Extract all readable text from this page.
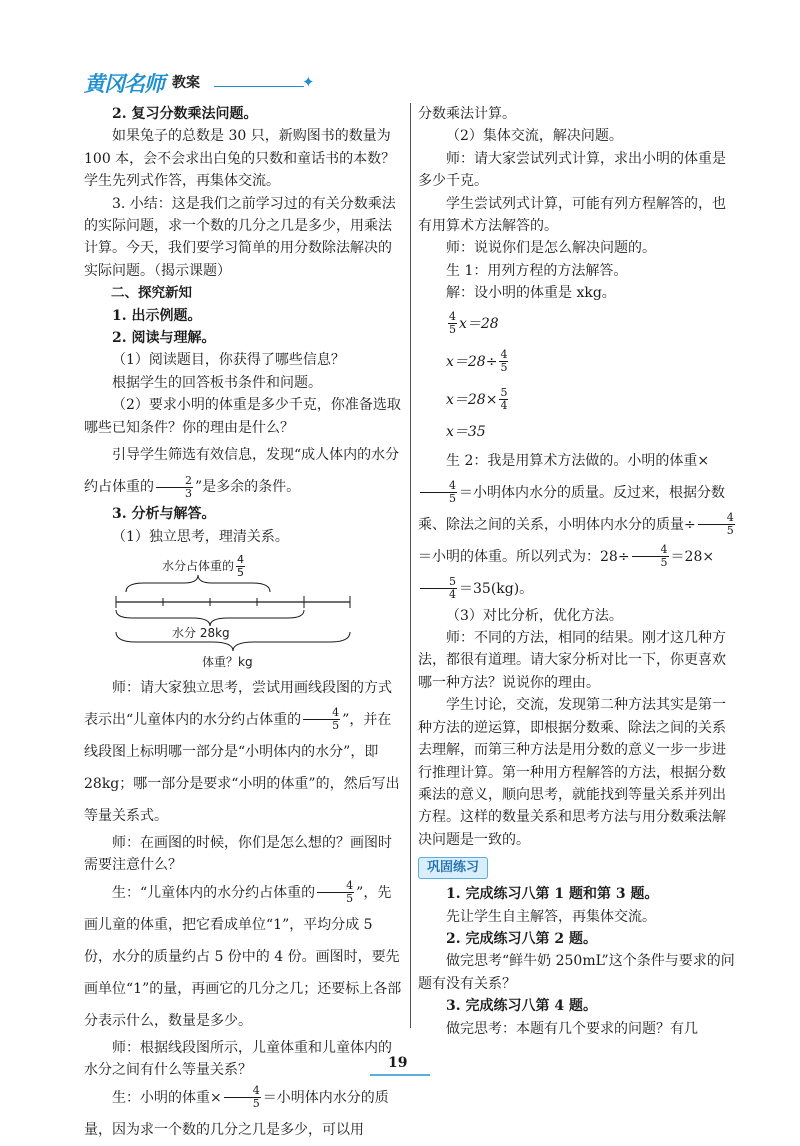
黄冈名师 教案	✦

2. 复习分数乘法问题。

如果兔子的总数是 30 只，新购图书的数量为 100 本，会不会求出白兔的只数和童话书的本数？学生先列式作答，再集体交流。

3. 小结：这是我们之前学习过的有关分数乘法的实际问题，求一个数的几分之几是多少，用乘法计算。今天，我们要学习简单的用分数除法解决的实际问题。（揭示课题）

二、探究新知

1. 出示例题。

2. 阅读与理解。

（1）阅读题目，你获得了哪些信息？

根据学生的回答板书条件和问题。

（2）要求小明的体重是多少千克，你准备选取哪些已知条件？你的理由是什么？

引导学生筛选有效信息，发现“成人体内的水分约占体重的 $\frac{2}{3}$ ”是多余的条件。

3. 分析与解答。

（1）独立思考，理清关系。

水分占体重的 $\frac{4}{5}$
水分 28kg
体重？kg

师：请大家独立思考，尝试用画线段图的方式表示出“儿童体内的水分约占体重的 $\frac{4}{5}$ ”，并在线段图上标明哪一部分是“小明体内的水分”，即 28kg；哪一部分是要求“小明的体重”的，然后写出等量关系式。

师：在画图的时候，你们是怎么想的？画图时需要注意什么？

生：“儿童体内的水分约占体重的 $\frac{4}{5}$ ”，先画儿童的体重，把它看成单位“1”，平均分成 5 份，水分的质量约占 5 份中的 4 份。画图时，要先画单位“1”的量，再画它的几分之几；还要标上各部分表示什么，数量是多少。

师：根据线段图所示，儿童体重和儿童体内的水分之间有什么等量关系？

生：小明的体重× $\frac{4}{5}$ ＝小明体内水分的质量，因为求一个数的几分之几是多少，可以用

分数乘法计算。

（2）集体交流，解决问题。

师：请大家尝试列式计算，求出小明的体重是多少千克。

学生尝试列式计算，可能有列方程解答的，也有用算术方法解答的。

师：说说你们是怎么解决问题的。

生 1：用列方程的方法解答。

解：设小明的体重是 xkg。

$\frac{4}{5} x=28$

$x=28\div \frac{4}{5}$

$x=28\times \frac{5}{4}$

x＝35

生 2：我是用算术方法做的。小明的体重×
$\frac{4}{5}$ ＝小明体内水分的质量。反过来，根据分数乘、除法之间的关系，小明体内水分的质量÷ $\frac{4}{5}$
＝小明的体重。所以列式为：$28\div \frac{4}{5} =28\times$
$\frac{5}{4} =35(kg)$。

（3）对比分析，优化方法。

师：不同的方法，相同的结果。刚才这几种方法，都很有道理。请大家分析对比一下，你更喜欢哪一种方法？说说你的理由。

学生讨论，交流，发现第二种方法其实是第一种方法的逆运算，即根据分数乘、除法之间的关系去理解，而第三种方法是用分数的意义一步一步进行推理计算。第一种用方程解答的方法，根据分数乘法的意义，顺向思考，就能找到等量关系并列出方程。这样的数量关系和思考方法与用分数乘法解决问题是一致的。

巩固练习

1. 完成练习八第 1 题和第 3 题。

先让学生自主解答，再集体交流。

2. 完成练习八第 2 题。

做完思考“鲜牛奶 250mL”这个条件与要求的问题有没有关系？

3. 完成练习八第 4 题。

做完思考：本题有几个要求的问题？有几

19
